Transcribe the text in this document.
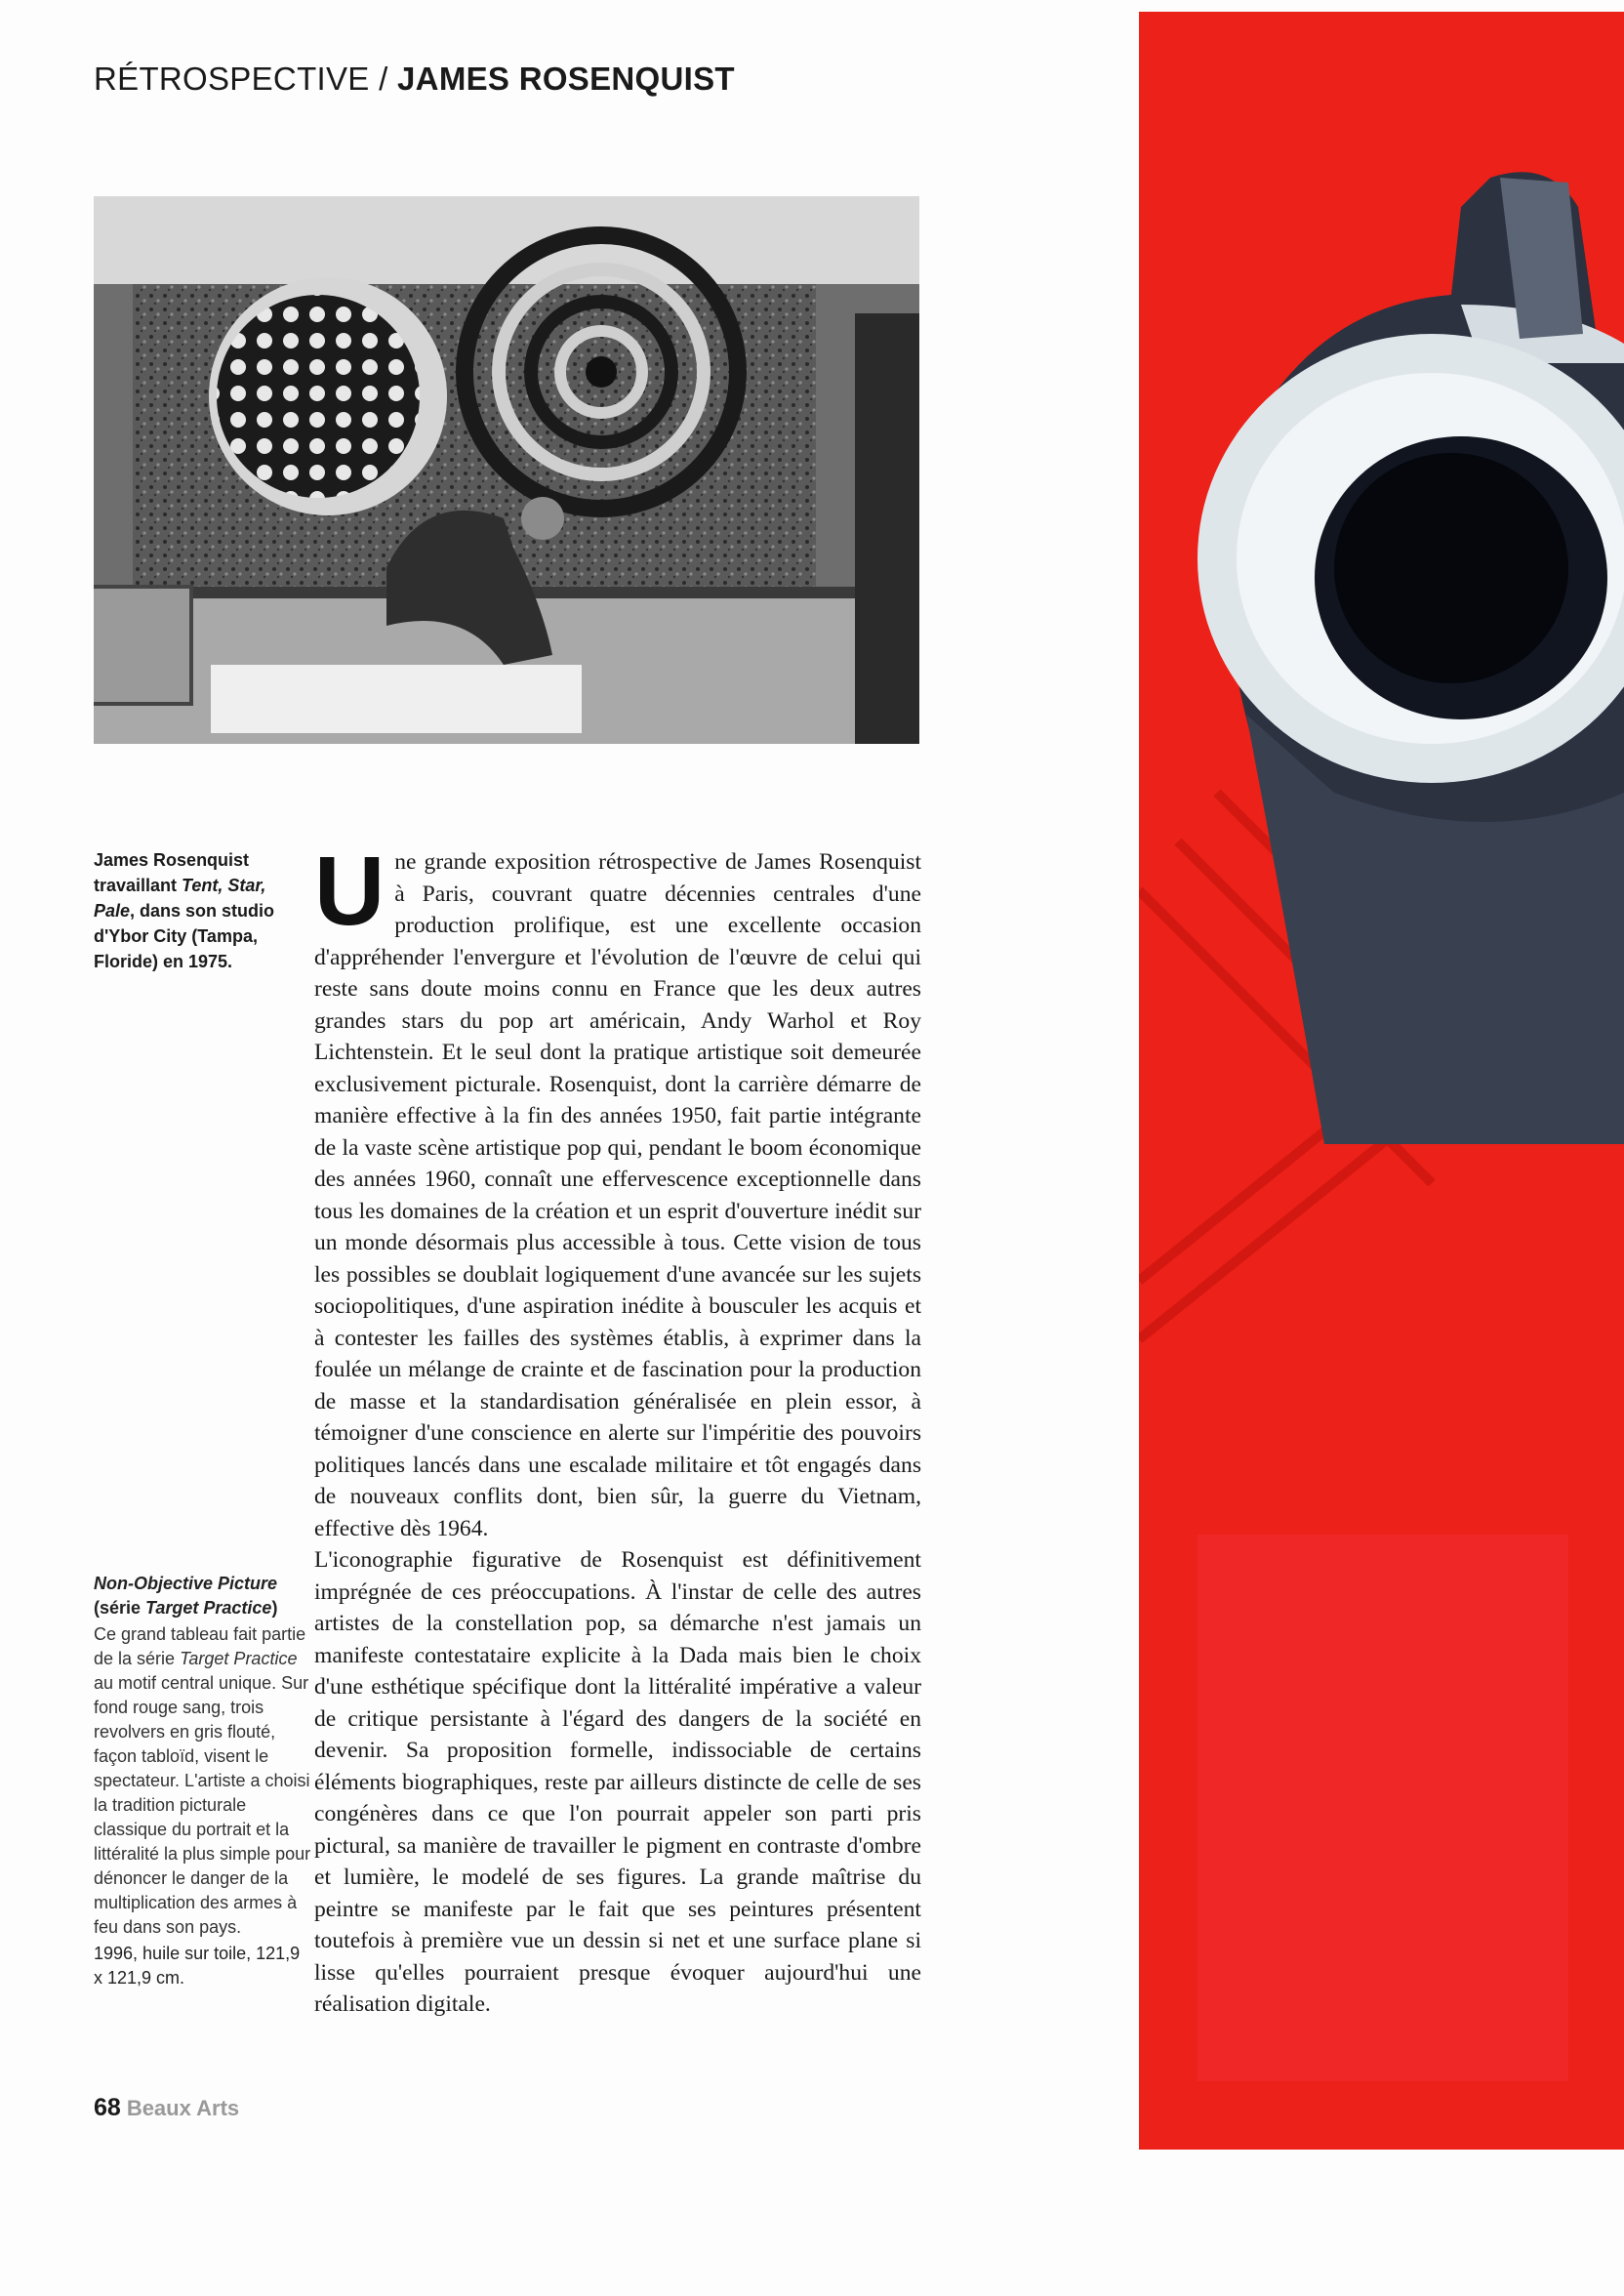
RÉTROSPECTIVE / JAMES ROSENQUIST
James Rosenquist travaillant Tent, Star, Pale, dans son studio d'Ybor City (Tampa, Floride) en 1975.
U ne grande exposition rétrospective de James Rosenquist à Paris, couvrant quatre décennies centrales d'une production prolifique, est une excellente occasion d'appréhender l'envergure et l'évolution de l'œuvre de celui qui reste sans doute moins connu en France que les deux autres grandes stars du pop art américain, Andy Warhol et Roy Lichtenstein. Et le seul dont la pratique artistique soit demeurée exclusivement picturale. Rosenquist, dont la carrière démarre de manière effective à la fin des années 1950, fait partie intégrante de la vaste scène artistique pop qui, pendant le boom économique des années 1960, connaît une effervescence exceptionnelle dans tous les domaines de la création et un esprit d'ouverture inédit sur un monde désormais plus accessible à tous. Cette vision de tous les possibles se doublait logiquement d'une avancée sur les sujets sociopolitiques, d'une aspiration inédite à bousculer les acquis et à contester les failles des systèmes établis, à exprimer dans la foulée un mélange de crainte et de fascination pour la production de masse et la standardisation généralisée en plein essor, à témoigner d'une conscience en alerte sur l'impéritie des pouvoirs politiques lancés dans une escalade militaire et tôt engagés dans de nouveaux conflits dont, bien sûr, la guerre du Vietnam, effective dès 1964.

L'iconographie figurative de Rosenquist est définitivement imprégnée de ces préoccupations. À l'instar de celle des autres artistes de la constellation pop, sa démarche n'est jamais un manifeste contestataire explicite à la Dada mais bien le choix d'une esthétique spécifique dont la littéralité impérative a valeur de critique persistante à l'égard des dangers de la société en devenir. Sa proposition formelle, indissociable de certains éléments biographiques, reste par ailleurs distincte de celle de ses congénères dans ce que l'on pourrait appeler son parti pris pictural, sa manière de travailler le pigment en contraste d'ombre et lumière, le modelé de ses figures. La grande maîtrise du peintre se manifeste par le fait que ses peintures présentent toutefois à première vue un dessin si net et une surface plane si lisse qu'elles pourraient presque évoquer aujourd'hui une réalisation digitale.

Non-Objective Picture
(série Target Practice)
Ce grand tableau fait partie de la série Target Practice au motif central unique. Sur fond rouge sang, trois revolvers en gris flouté, façon tabloïd, visent le spectateur. L'artiste a choisi la tradition picturale classique du portrait et la littéralité la plus simple pour dénoncer le danger de la multiplication des armes à feu dans son pays.
1996, huile sur toile, 121,9 x 121,9 cm.
68 Beaux Arts
